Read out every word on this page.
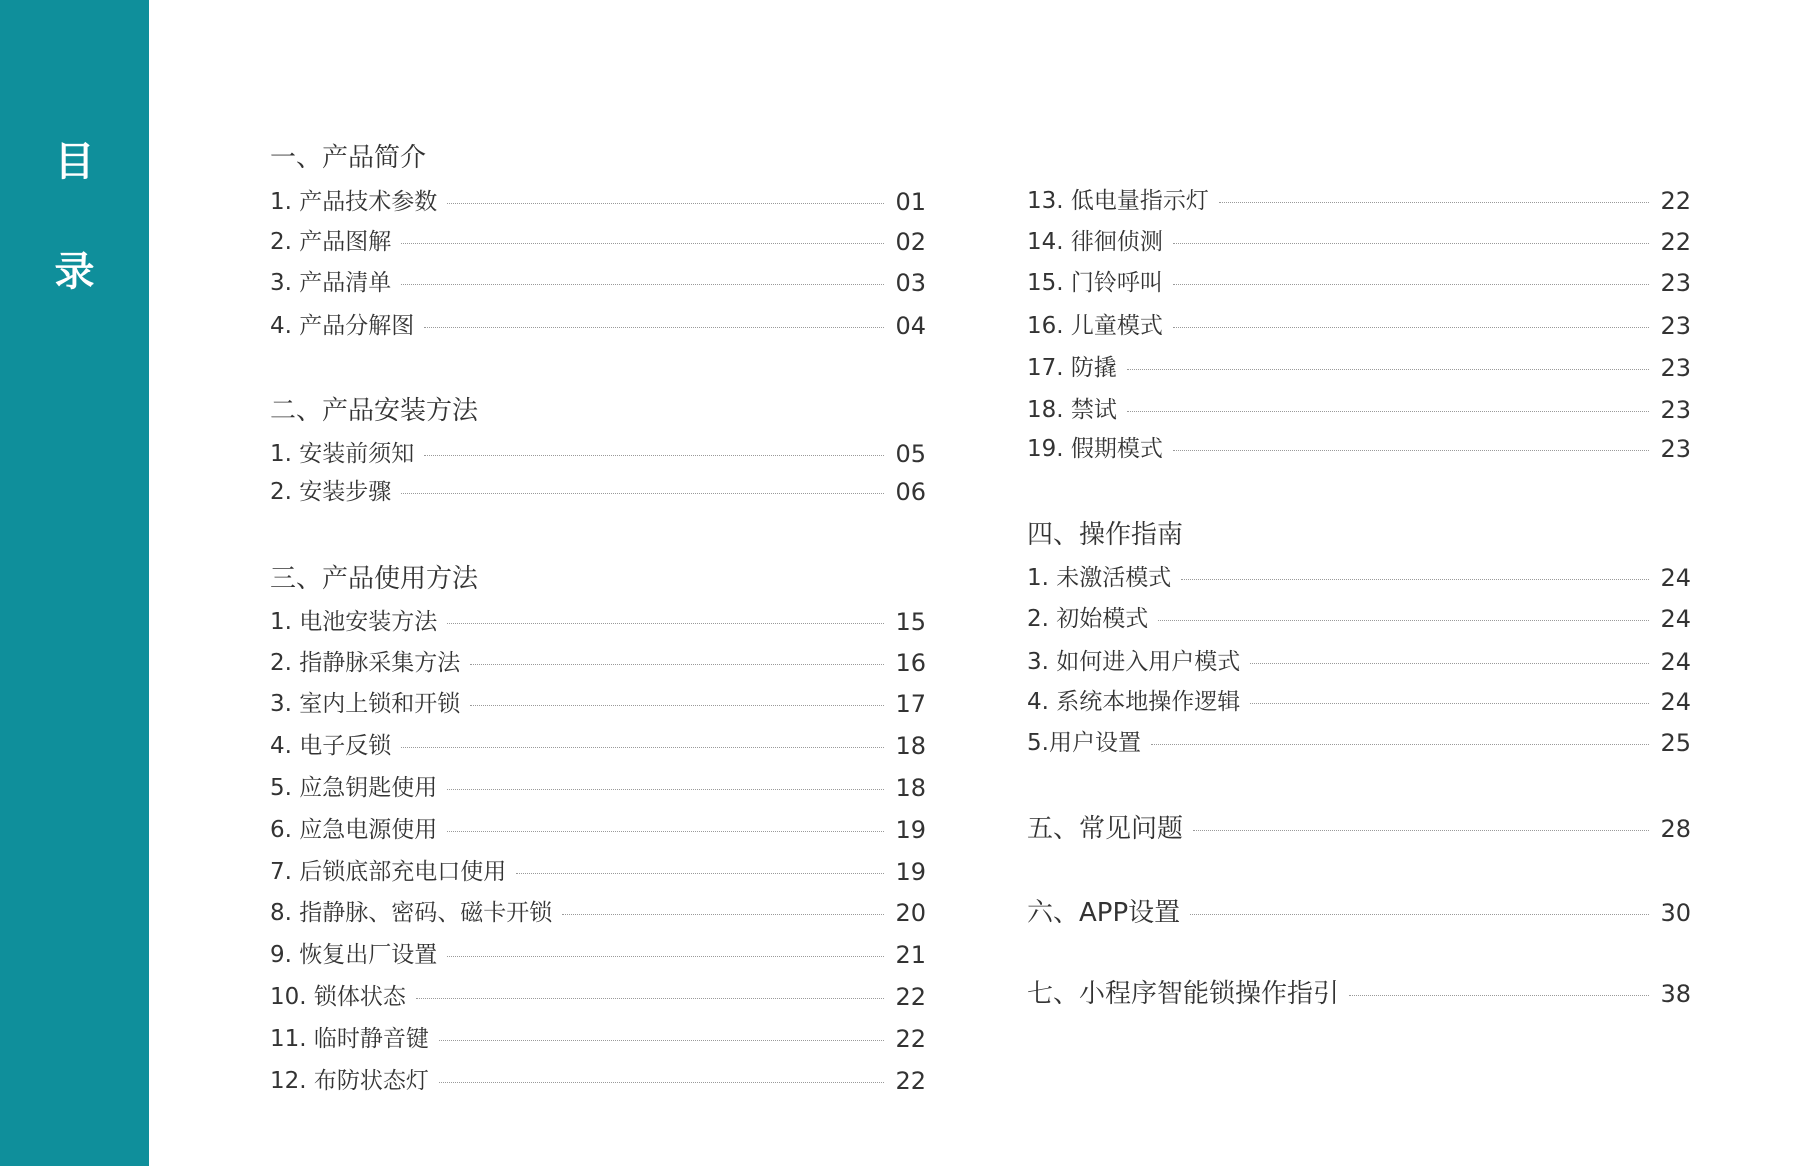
目
录
一、产品简介
1. 产品技术参数	01
2. 产品图解	02
3. 产品清单	03
4. 产品分解图	04
二、产品安装方法
1. 安装前须知	05
2. 安装步骤	06
三、产品使用方法
1. 电池安装方法	15
2. 指静脉采集方法	16
3. 室内上锁和开锁	17
4. 电子反锁	18
5. 应急钥匙使用	18
6. 应急电源使用	19
7. 后锁底部充电口使用	19
8. 指静脉、密码、磁卡开锁	20
9. 恢复出厂设置	21
10. 锁体状态	22
11. 临时静音键	22
12. 布防状态灯	22
13. 低电量指示灯	22
14. 徘徊侦测	22
15. 门铃呼叫	23
16. 儿童模式	23
17. 防撬	23
18. 禁试	23
19. 假期模式	23
四、操作指南
1. 未激活模式	24
2. 初始模式	24
3. 如何进入用户模式	24
4. 系统本地操作逻辑	24
5.用户设置	25
五、常见问题	28
六、APP设置	30
七、小程序智能锁操作指引	38
